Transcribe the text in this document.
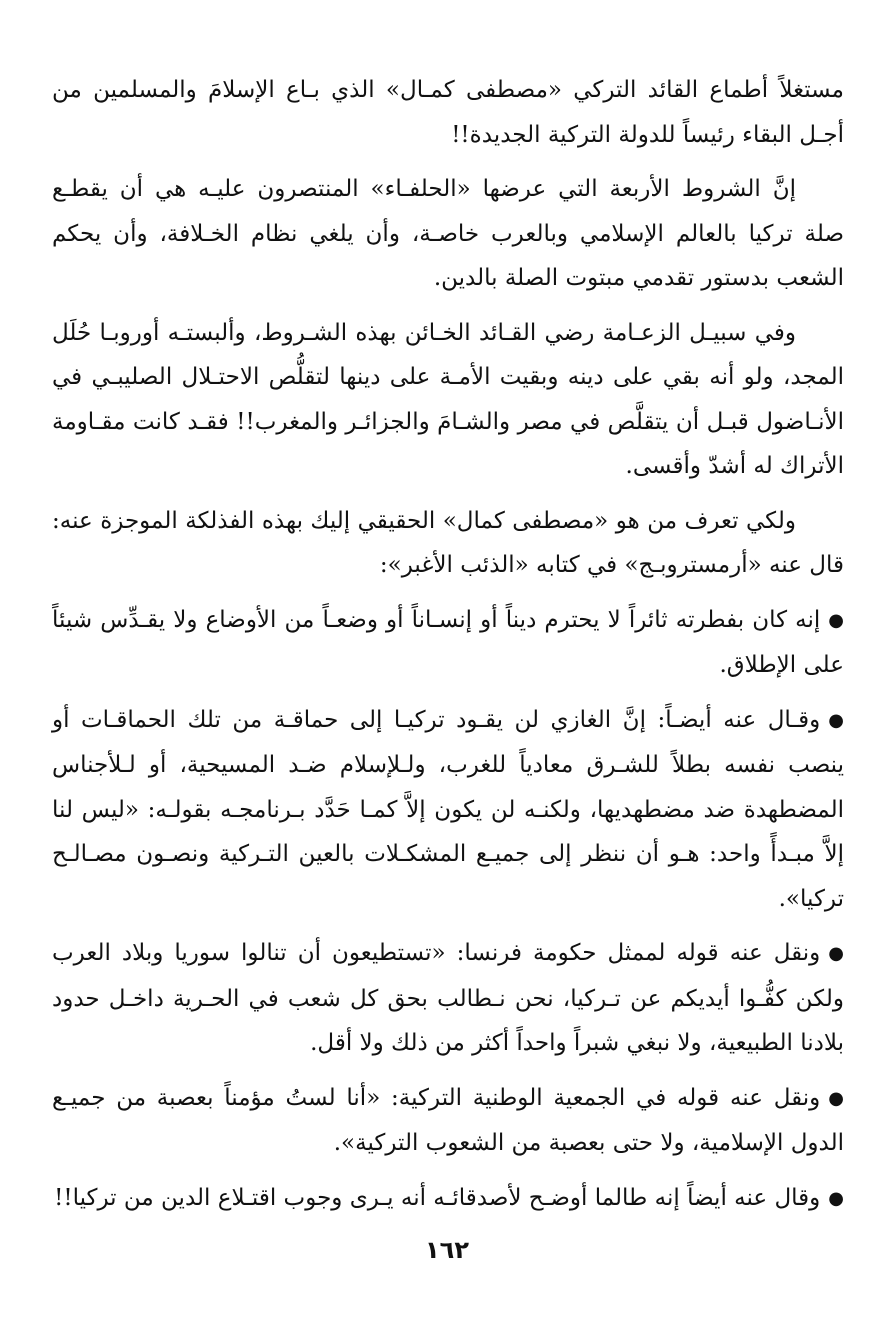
مستغلاً أطماع القائد التركي «مصطفى كمـال» الذي بـاع الإسلامَ والمسلمين من أجـل البقاء رئيساً للدولة التركية الجديدة!!

إنَّ الشروط الأربعة التي عرضها «الحلفـاء» المنتصرون عليـه هي أن يقطـع صلة تركيا بالعالم الإسلامي وبالعرب خاصـة، وأن يلغي نظام الخـلافة، وأن يحكم الشعب بدستور تقدمي مبتوت الصلة بالدين.

وفي سبيـل الزعـامة رضي القـائد الخـائن بهذه الشـروط، وألبستـه أوروبـا حُلَل المجد، ولو أنه بقي على دينه وبقيت الأمـة على دينها لتقلُّص الاحتـلال الصليبـي في الأنـاضول قبـل أن يتقلَّص في مصر والشـامَ والجزائـر والمغرب!! فقـد كانت مقـاومة الأتراك له أشدّ وأقسى.

ولكي تعرف من هو «مصطفى كمال» الحقيقي إليك بهذه الفذلكة الموجزة عنه: قال عنه «أرمستروبـج» في كتابه «الذئب الأغبر»:

●إنه كان بفطرته ثائراً لا يحترم ديناً أو إنسـاناً أو وضعـاً من الأوضاع ولا يقـدِّس شيئاً على الإطلاق.

●وقـال عنه أيضـاً: إنَّ الغازي لن يقـود تركيـا إلى حماقـة من تلك الحماقـات أو ينصب نفسه بطلاً للشـرق معادياً للغرب، ولـلإسلام ضـد المسيحية، أو لـلأجناس المضطهدة ضد مضطهديها، ولكنـه لن يكون إلاَّ كمـا حَدَّد بـرنامجـه بقولـه: «ليس لنا إلاَّ مبـدأً واحد: هـو أن ننظر إلى جميـع المشكـلات بالعين التـركية ونصـون مصـالـح تركيا».

●ونقل عنه قوله لممثل حكومة فرنسا: «تستطيعون أن تنالوا سوريا وبلاد العرب ولكن كفُّـوا أيديكم عن تـركيا، نحن نـطالب بحق كل شعب في الحـرية داخـل حدود بلادنا الطبيعية، ولا نبغي شبراً واحداً أكثر من ذلك ولا أقل.

●ونقل عنه قوله في الجمعية الوطنية التركية: «أنا لستُ مؤمناً بعصبة من جميـع الدول الإسلامية، ولا حتى بعصبة من الشعوب التركية».

●وقال عنه أيضاً إنه طالما أوضـح لأصدقائـه أنه يـرى وجوب اقتـلاع الدين من تركيا!!

١٦٢
